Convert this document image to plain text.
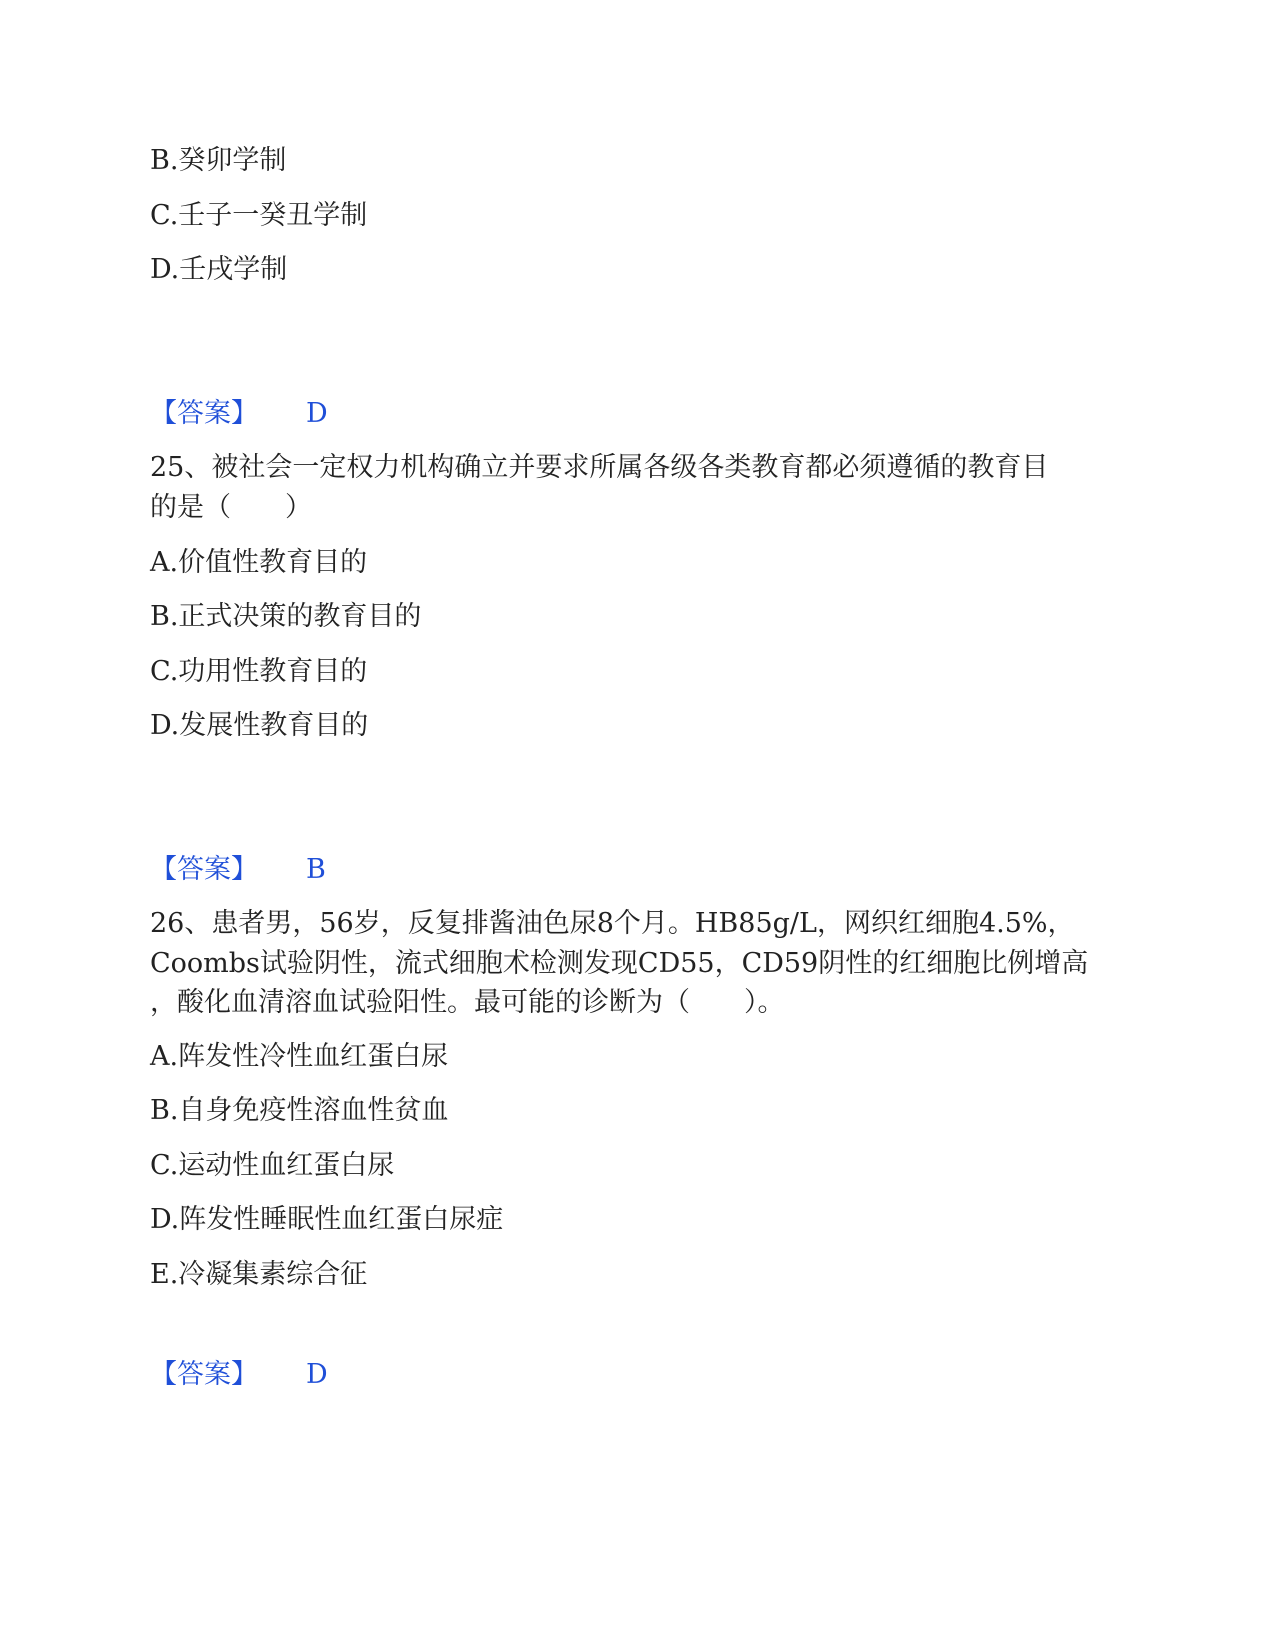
B.癸卯学制
C.壬子一癸丑学制
D.壬戌学制
【答案】 D
25、被社会一定权力机构确立并要求所属各级各类教育都必须遵循的教育目
的是（　　）
A.价值性教育目的
B.正式决策的教育目的
C.功用性教育目的
D.发展性教育目的
【答案】 B
26、患者男，56岁，反复排酱油色尿8个月。HB85g/L，网织红细胞4.5%，
Coombs试验阴性，流式细胞术检测发现CD55，CD59阴性的红细胞比例增高
，酸化血清溶血试验阳性。最可能的诊断为（　　）。
A.阵发性冷性血红蛋白尿
B.自身免疫性溶血性贫血
C.运动性血红蛋白尿
D.阵发性睡眠性血红蛋白尿症
E.冷凝集素综合征
【答案】 D
